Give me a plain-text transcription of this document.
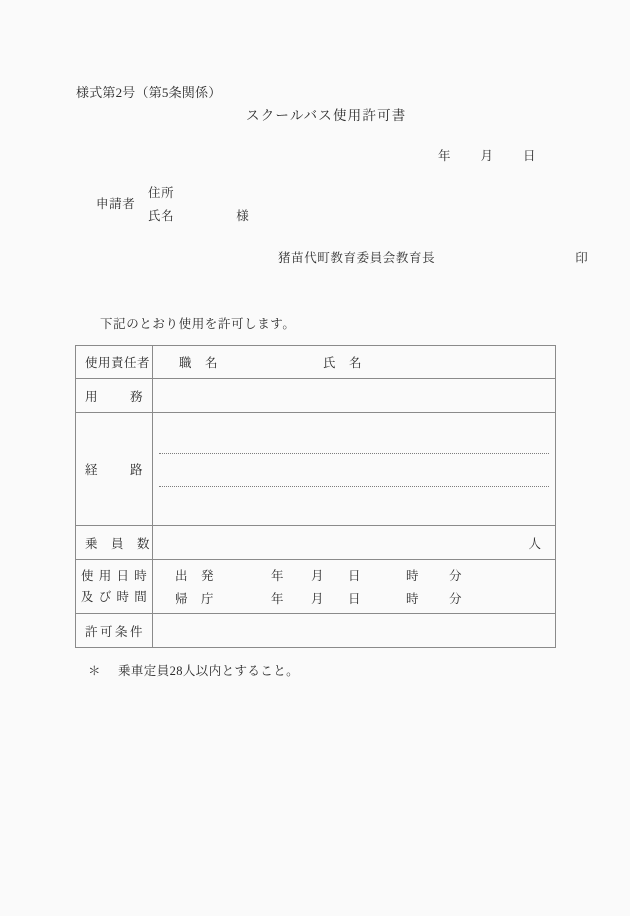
様式第2号（第5条関係）
スクールバス使用許可書
年 月 日
申請者
住所
氏名	様
猪苗代町教育委員会教育長	印
下記のとおり使用を許可します。
使用責任者	職　名 氏　名

用　務	

経　路	

乗　員　数	人

使用日時
及び時間

出　発	年	月	日	時	分
帰　庁	年	月	日	時	分

許可条件	

＊	乗車定員28人以内とすること。
